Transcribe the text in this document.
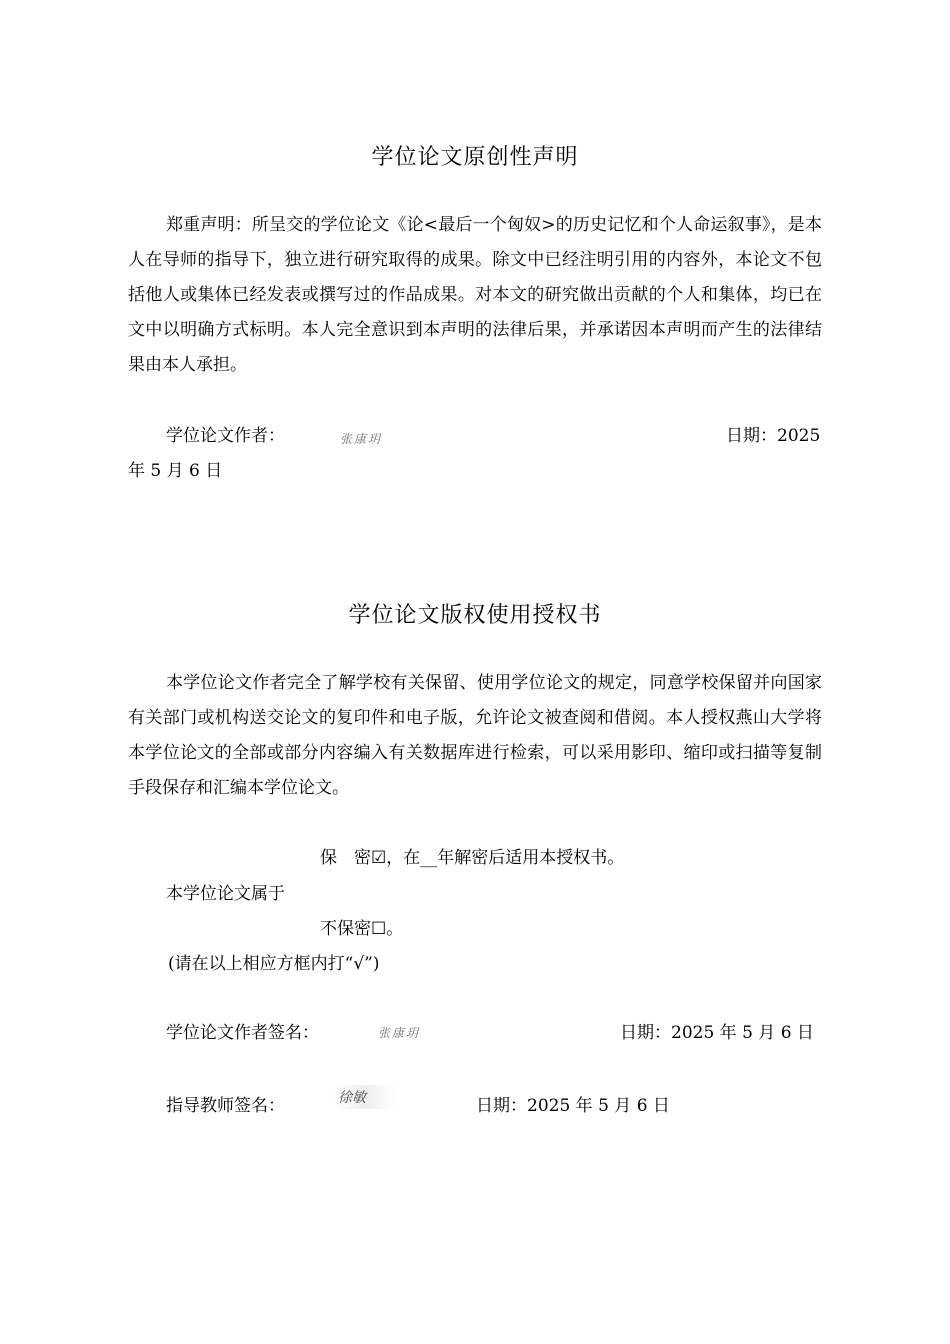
学位论文原创性声明
郑重声明：所呈交的学位论文《论<最后一个匈奴>的历史记忆和个人命运叙事》，是本人在导师的指导下，独立进行研究取得的成果。除文中已经注明引用的内容外，本论文不包括他人或集体已经发表或撰写过的作品成果。对本文的研究做出贡献的个人和集体，均已在文中以明确方式标明。本人完全意识到本声明的法律后果，并承诺因本声明而产生的法律结果由本人承担。
学位论文作者：	张康玥	日期：2025
年 5 月 6 日
学位论文版权使用授权书
本学位论文作者完全了解学校有关保留、使用学位论文的规定，同意学校保留并向国家有关部门或机构送交论文的复印件和电子版，允许论文被查阅和借阅。本人授权燕山大学将本学位论文的全部或部分内容编入有关数据库进行检索，可以采用影印、缩印或扫描等复制手段保存和汇编本学位论文。
保　密☑，在__年解密后适用本授权书。
本学位论文属于
不保密☐。
(请在以上相应方框内打“√”)
学位论文作者签名：	张康玥	日期：2025 年 5 月 6 日
指导教师签名：	徐敏	日期：2025 年 5 月 6 日
